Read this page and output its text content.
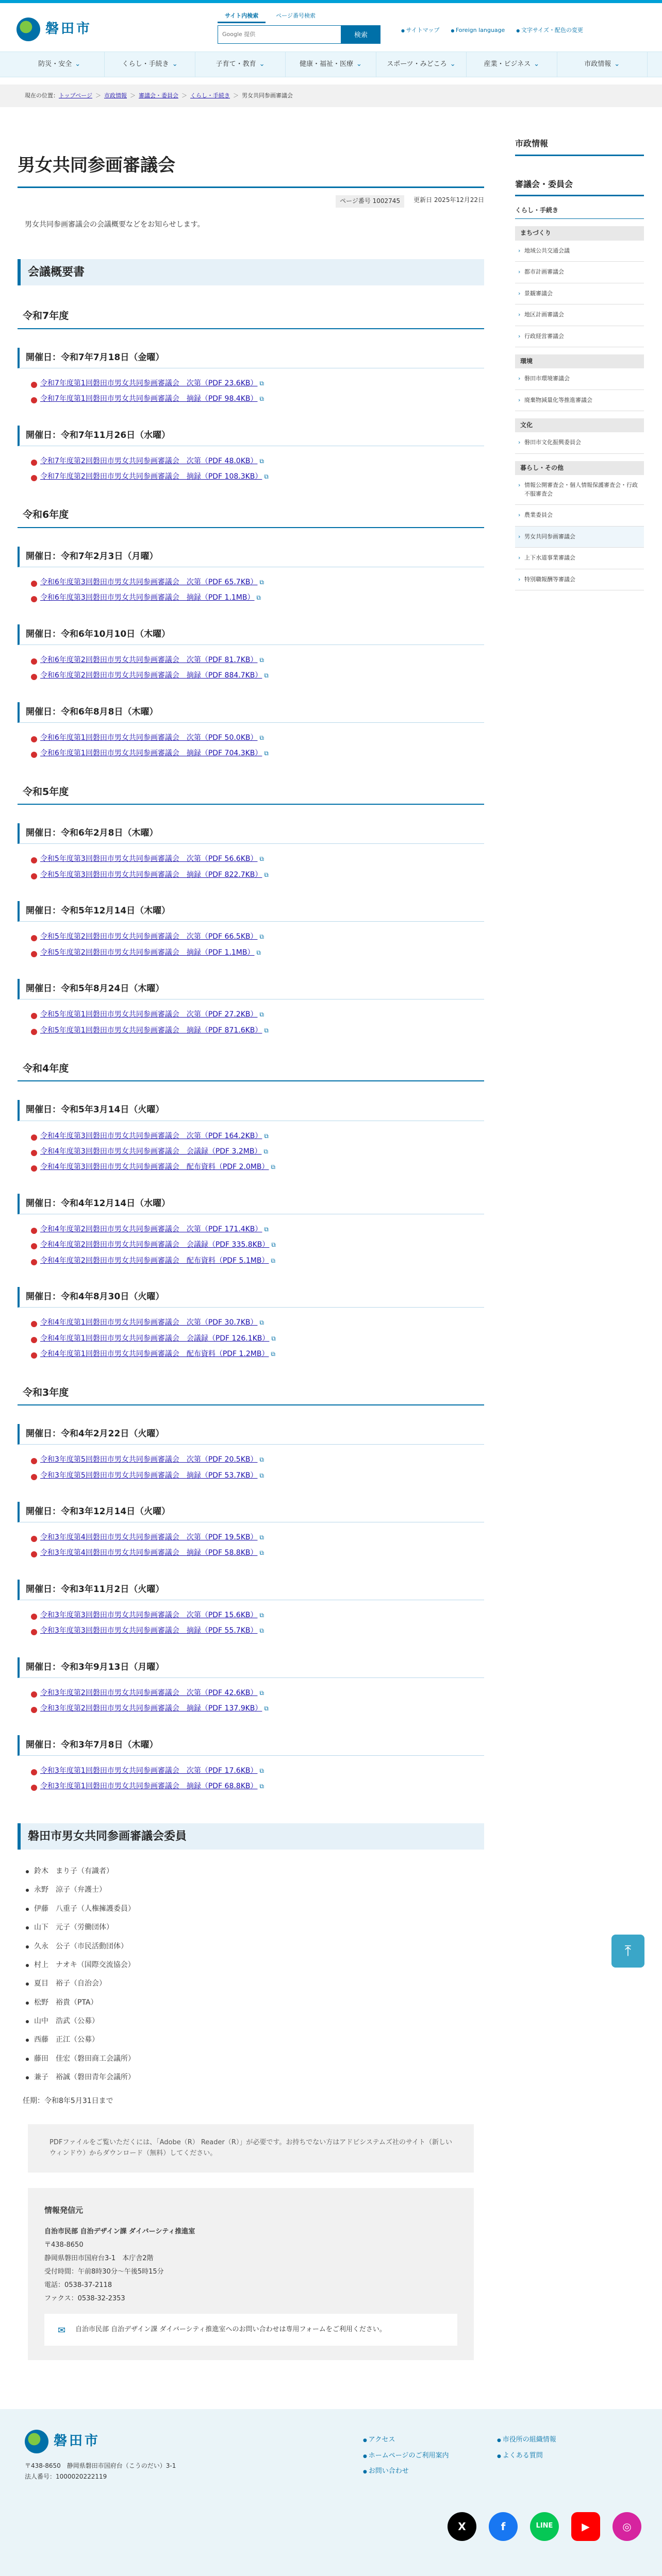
磐田市
サイト内検索	ページ番号検索
Google 提供
検索
● サイトマップ	● Foreign language	● 文字サイズ・配色の変更
防災・安全 ⌄	くらし・手続き ⌄	子育て・教育 ⌄	健康・福祉・医療 ⌄	スポーツ・みどころ ⌄	産業・ビジネス ⌄	市政情報 ⌄
現在の位置： トップページ ＞ 市政情報 ＞ 審議会・委員会 ＞ くらし・手続き ＞ 男女共同参画審議会
男女共同参画審議会
ページ番号 1002745	更新日 2025年12月22日

男女共同参画審議会の会議概要などをお知らせします。

会議概要書
令和7年度
開催日：令和7年7月18日（金曜）
令和7年度第1回磐田市男女共同参画審議会　次第（PDF 23.6KB） ⧉
令和7年度第1回磐田市男女共同参画審議会　摘録（PDF 98.4KB） ⧉
開催日：令和7年11月26日（水曜）
令和7年度第2回磐田市男女共同参画審議会　次第（PDF 48.0KB） ⧉
令和7年度第2回磐田市男女共同参画審議会　摘録（PDF 108.3KB） ⧉
令和6年度
開催日：令和7年2月3日（月曜）
令和6年度第3回磐田市男女共同参画審議会　次第（PDF 65.7KB） ⧉
令和6年度第3回磐田市男女共同参画審議会　摘録（PDF 1.1MB） ⧉
開催日：令和6年10月10日（木曜）
令和6年度第2回磐田市男女共同参画審議会　次第（PDF 81.7KB） ⧉
令和6年度第2回磐田市男女共同参画審議会　摘録（PDF 884.7KB） ⧉
開催日：令和6年8月8日（木曜）
令和6年度第1回磐田市男女共同参画審議会　次第（PDF 50.0KB） ⧉
令和6年度第1回磐田市男女共同参画審議会　摘録（PDF 704.3KB） ⧉
令和5年度
開催日：令和6年2月8日（木曜）
令和5年度第3回磐田市男女共同参画審議会　次第（PDF 56.6KB） ⧉
令和5年度第3回磐田市男女共同参画審議会　摘録（PDF 822.7KB） ⧉
開催日：令和5年12月14日（木曜）
令和5年度第2回磐田市男女共同参画審議会　次第（PDF 66.5KB） ⧉
令和5年度第2回磐田市男女共同参画審議会　摘録（PDF 1.1MB） ⧉
開催日：令和5年8月24日（木曜）
令和5年度第1回磐田市男女共同参画審議会　次第（PDF 27.2KB） ⧉
令和5年度第1回磐田市男女共同参画審議会　摘録（PDF 871.6KB） ⧉
令和4年度
開催日：令和5年3月14日（火曜）
令和4年度第3回磐田市男女共同参画審議会　次第（PDF 164.2KB） ⧉
令和4年度第3回磐田市男女共同参画審議会　会議録（PDF 3.2MB） ⧉
令和4年度第3回磐田市男女共同参画審議会　配布資料（PDF 2.0MB） ⧉
開催日：令和4年12月14日（水曜）
令和4年度第2回磐田市男女共同参画審議会　次第（PDF 171.4KB） ⧉
令和4年度第2回磐田市男女共同参画審議会　会議録（PDF 335.8KB） ⧉
令和4年度第2回磐田市男女共同参画審議会　配布資料（PDF 5.1MB） ⧉
開催日：令和4年8月30日（火曜）
令和4年度第1回磐田市男女共同参画審議会　次第（PDF 30.7KB） ⧉
令和4年度第1回磐田市男女共同参画審議会　会議録（PDF 126.1KB） ⧉
令和4年度第1回磐田市男女共同参画審議会　配布資料（PDF 1.2MB） ⧉
令和3年度
開催日：令和4年2月22日（火曜）
令和3年度第5回磐田市男女共同参画審議会　次第（PDF 20.5KB） ⧉
令和3年度第5回磐田市男女共同参画審議会　摘録（PDF 53.7KB） ⧉
開催日：令和3年12月14日（火曜）
令和3年度第4回磐田市男女共同参画審議会　次第（PDF 19.5KB） ⧉
令和3年度第4回磐田市男女共同参画審議会　摘録（PDF 58.8KB） ⧉
開催日：令和3年11月2日（火曜）
令和3年度第3回磐田市男女共同参画審議会　次第（PDF 15.6KB） ⧉
令和3年度第3回磐田市男女共同参画審議会　摘録（PDF 55.7KB） ⧉
開催日：令和3年9月13日（月曜）
令和3年度第2回磐田市男女共同参画審議会　次第（PDF 42.6KB） ⧉
令和3年度第2回磐田市男女共同参画審議会　摘録（PDF 137.9KB） ⧉
開催日：令和3年7月8日（木曜）
令和3年度第1回磐田市男女共同参画審議会　次第（PDF 17.6KB） ⧉
令和3年度第1回磐田市男女共同参画審議会　摘録（PDF 68.8KB） ⧉
磐田市男女共同参画審議会委員
鈴木　まり子（有識者）
永野　涼子（弁護士）
伊藤　八重子（人権擁護委員）
山下　元子（労働団体）
久永　公子（市民活動団体）
村上　ナオキ（国際交流協会）
夏目　裕子（自治会）
松野　裕貴（PTA）
山中　浩武（公募）
西藤　正江（公募）
藤田　佳宏（磐田商工会議所）
兼子　裕誠（磐田青年会議所）

任期：令和8年5月31日まで

PDFファイルをご覧いただくには、「Adobe（R） Reader（R）」が必要です。お持ちでない方はアドビシステムズ社のサイト（新しいウィンドウ）からダウンロード（無料）してください。
情報発信元
自治市民部 自治デザイン課 ダイバーシティ推進室
〒438-8650
静岡県磐田市国府台3-1　本庁舎2階
受付時間：午前8時30分～午後5時15分
電話：0538-37-2118
ファクス：0538-32-2353
✉ 自治市民部 自治デザイン課 ダイバーシティ推進室へのお問い合わせは専用フォームをご利用ください。
市政情報
審議会・委員会
くらし・手続き
まちづくり
› 地域公共交通会議
› 都市計画審議会
› 景観審議会
› 地区計画審議会
› 行政経営審議会
環境
› 磐田市環境審議会
› 廃棄物減量化等推進審議会
文化
› 磐田市文化振興委員会
暮らし・その他
› 情報公開審査会・個人情報保護審査会・行政不服審査会
› 農業委員会
› 男女共同参画審議会
› 上下水道事業審議会
› 特別職報酬等審議会
⤒
磐田市
〒438-8650　静岡県磐田市国府台（こうのだい）3-1
法人番号：1000020222119
● アクセス	● 市役所の組織情報
● ホームページのご利用案内	● よくある質問
● お問い合わせ
X	f	LINE	▶	◎
